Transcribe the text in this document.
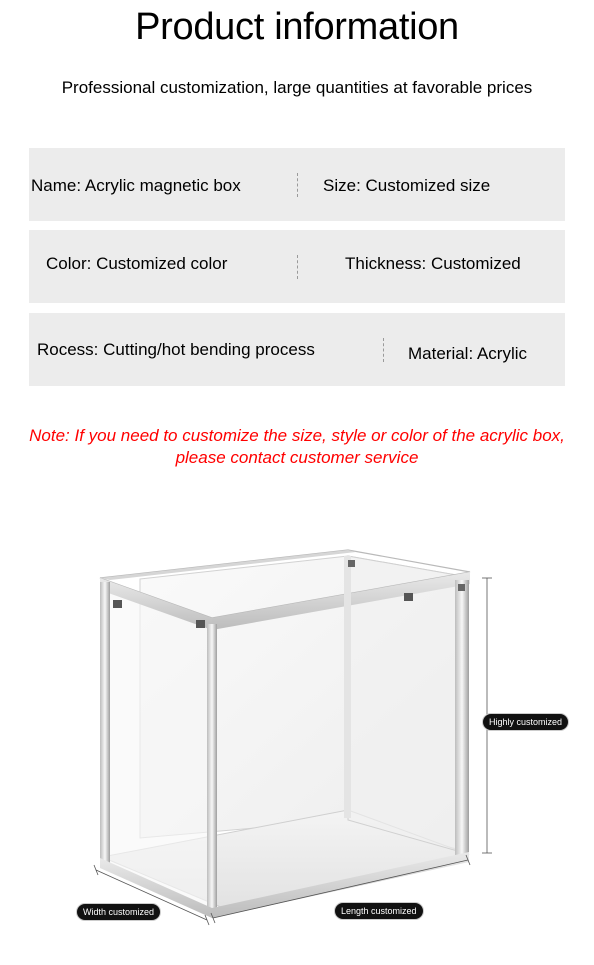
Product information
Professional customization, large quantities at favorable prices
Name: Acrylic magnetic box	Size: Customized size
Color: Customized color	Thickness: Customized
Rocess: Cutting/hot bending process	Material: Acrylic
Note: If you need to customize the size, style or color of the acrylic box,
please contact customer service
Highly customized
Width customized	Length customized
